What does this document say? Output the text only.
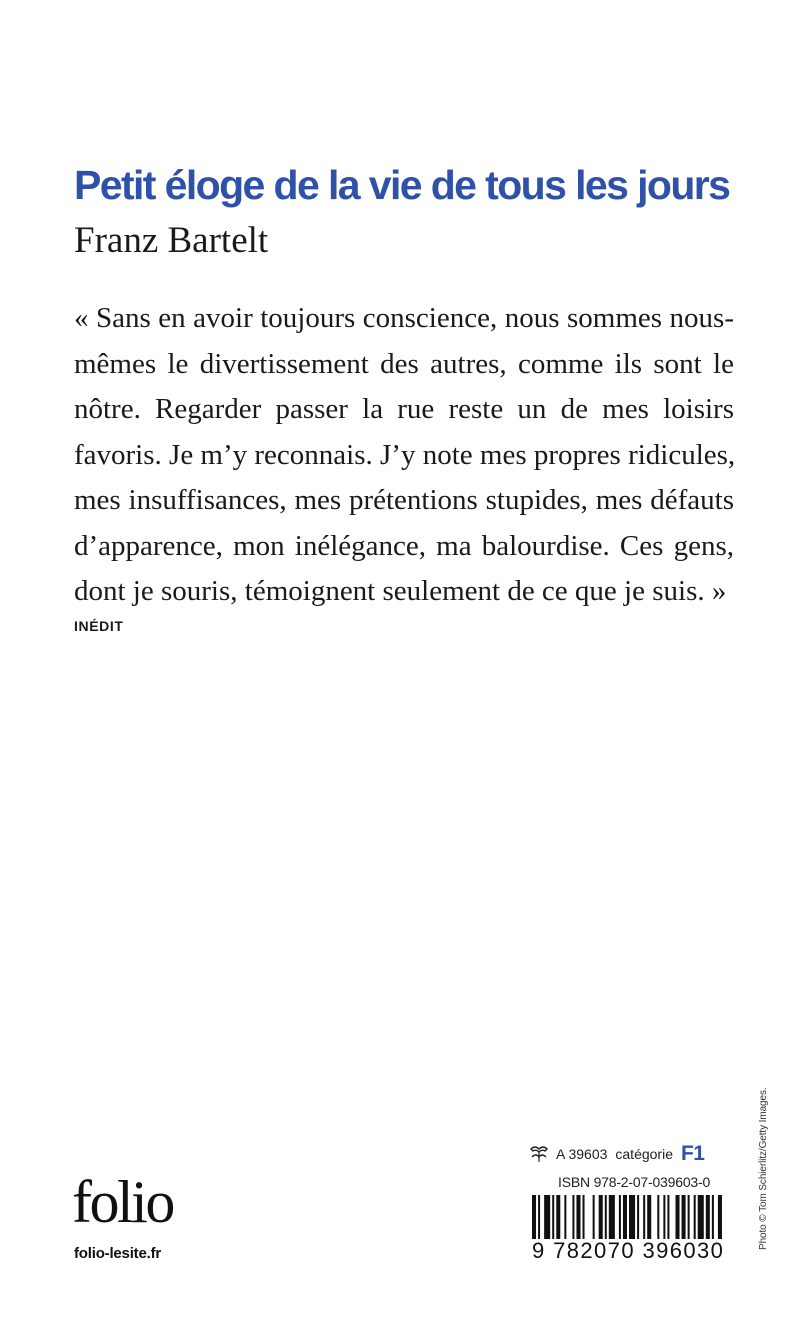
Petit éloge de la vie de tous les jours
Franz Bartelt
« Sans en avoir toujours conscience, nous sommes nous-
mêmes le divertissement des autres, comme ils sont le
nôtre. Regarder passer la rue reste un de mes loisirs
favoris. Je m’y reconnais. J’y note mes propres ridicules,
mes insuffisances, mes prétentions stupides, mes défauts
d’apparence, mon inélégance, ma balourdise. Ces gens,
dont je souris, témoignent seulement de ce que je suis. »
INÉDIT
Photo © Tom Schierlitz/Getty Images.
A 39603 catégorie F1
ISBN 978-2-07-039603-0
9 782070 396030
folio
folio-lesite.fr
